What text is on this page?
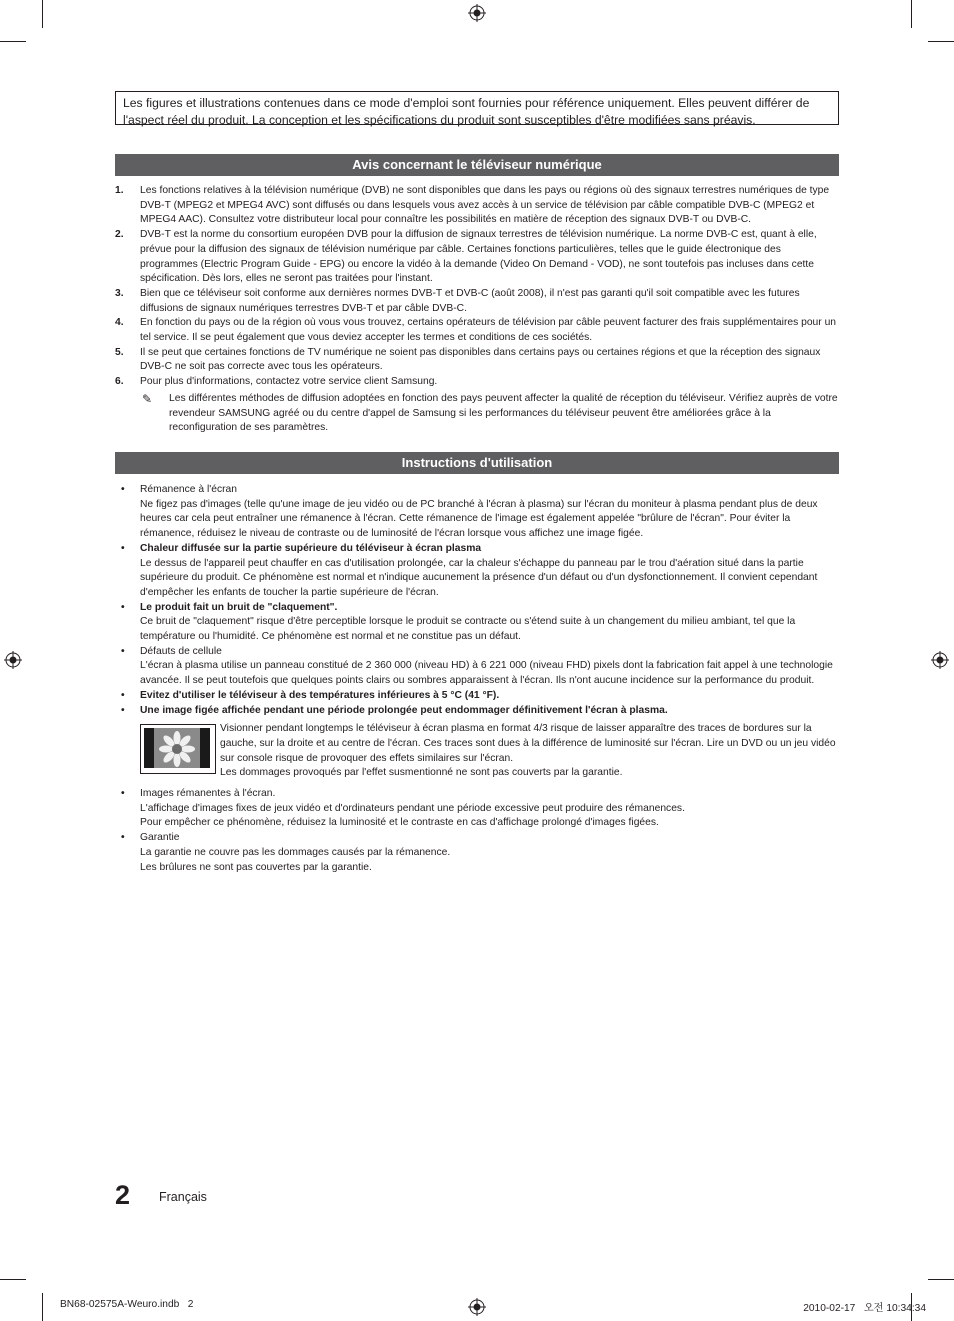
Les figures et illustrations contenues dans ce mode d'emploi sont fournies pour référence uniquement. Elles peuvent différer de l'aspect réel du produit. La conception et les spécifications du produit sont susceptibles d'être modifiées sans préavis.
Avis concernant le téléviseur numérique
1. Les fonctions relatives à la télévision numérique (DVB) ne sont disponibles que dans les pays ou régions où des signaux terrestres numériques de type DVB-T (MPEG2 et MPEG4 AVC) sont diffusés ou dans lesquels vous avez accès à un service de télévision par câble compatible DVB-C (MPEG2 et MPEG4 AAC). Consultez votre distributeur local pour connaître les possibilités en matière de réception des signaux DVB-T ou DVB-C.
2. DVB-T est la norme du consortium européen DVB pour la diffusion de signaux terrestres de télévision numérique. La norme DVB-C est, quant à elle, prévue pour la diffusion des signaux de télévision numérique par câble. Certaines fonctions particulières, telles que le guide électronique des programmes (Electric Program Guide - EPG) ou encore la vidéo à la demande (Video On Demand - VOD), ne sont toutefois pas incluses dans cette spécification. Dès lors, elles ne seront pas traitées pour l'instant.
3. Bien que ce téléviseur soit conforme aux dernières normes DVB-T et DVB-C (août 2008), il n'est pas garanti qu'il soit compatible avec les futures diffusions de signaux numériques terrestres DVB-T et par câble DVB-C.
4. En fonction du pays ou de la région où vous vous trouvez, certains opérateurs de télévision par câble peuvent facturer des frais supplémentaires pour un tel service. Il se peut également que vous deviez accepter les termes et conditions de ces sociétés.
5. Il se peut que certaines fonctions de TV numérique ne soient pas disponibles dans certains pays ou certaines régions et que la réception des signaux DVB-C ne soit pas correcte avec tous les opérateurs.
6. Pour plus d'informations, contactez votre service client Samsung.
✎ Les différentes méthodes de diffusion adoptées en fonction des pays peuvent affecter la qualité de réception du téléviseur. Vérifiez auprès de votre revendeur SAMSUNG agréé ou du centre d'appel de Samsung si les performances du téléviseur peuvent être améliorées grâce à la reconfiguration de ses paramètres.
Instructions d'utilisation
• Rémanence à l'écran
Ne figez pas d'images (telle qu'une image de jeu vidéo ou de PC branché à l'écran à plasma) sur l'écran du moniteur à plasma pendant plus de deux heures car cela peut entraîner une rémanence à l'écran. Cette rémanence de l'image est également appelée "brûlure de l'écran". Pour éviter la rémanence, réduisez le niveau de contraste ou de luminosité de l'écran lorsque vous affichez une image figée.
• Chaleur diffusée sur la partie supérieure du téléviseur à écran plasma
Le dessus de l'appareil peut chauffer en cas d'utilisation prolongée, car la chaleur s'échappe du panneau par le trou d'aération situé dans la partie supérieure du produit. Ce phénomène est normal et n'indique aucunement la présence d'un défaut ou d'un dysfonctionnement. Il convient cependant d'empêcher les enfants de toucher la partie supérieure de l'écran.
• Le produit fait un bruit de "claquement".
Ce bruit de "claquement" risque d'être perceptible lorsque le produit se contracte ou s'étend suite à un changement du milieu ambiant, tel que la température ou l'humidité. Ce phénomène est normal et ne constitue pas un défaut.
• Défauts de cellule
L'écran à plasma utilise un panneau constitué de 2 360 000 (niveau HD) à 6 221 000 (niveau FHD) pixels dont la fabrication fait appel à une technologie avancée. Il se peut toutefois que quelques points clairs ou sombres apparaissent à l'écran. Ils n'ont aucune incidence sur la performance du produit.
• Evitez d'utiliser le téléviseur à des températures inférieures à 5 °C (41 °F).
• Une image figée affichée pendant une période prolongée peut endommager définitivement l'écran à plasma.
Visionner pendant longtemps le téléviseur à écran plasma en format 4/3 risque de laisser apparaître des traces de bordures sur la gauche, sur la droite et au centre de l'écran. Ces traces sont dues à la différence de luminosité sur l'écran. Lire un DVD ou un jeu vidéo sur console risque de provoquer des effets similaires sur l'écran.
Les dommages provoqués par l'effet susmentionné ne sont pas couverts par la garantie.
• Images rémanentes à l'écran.
L'affichage d'images fixes de jeux vidéo et d'ordinateurs pendant une période excessive peut produire des rémanences.
Pour empêcher ce phénomène, réduisez la luminosité et le contraste en cas d'affichage prolongé d'images figées.
• Garantie
La garantie ne couvre pas les dommages causés par la rémanence.
Les brûlures ne sont pas couvertes par la garantie.
2 Français
BN68-02575A-Weuro.indb   2	2010-02-17   오전 10:34:34
